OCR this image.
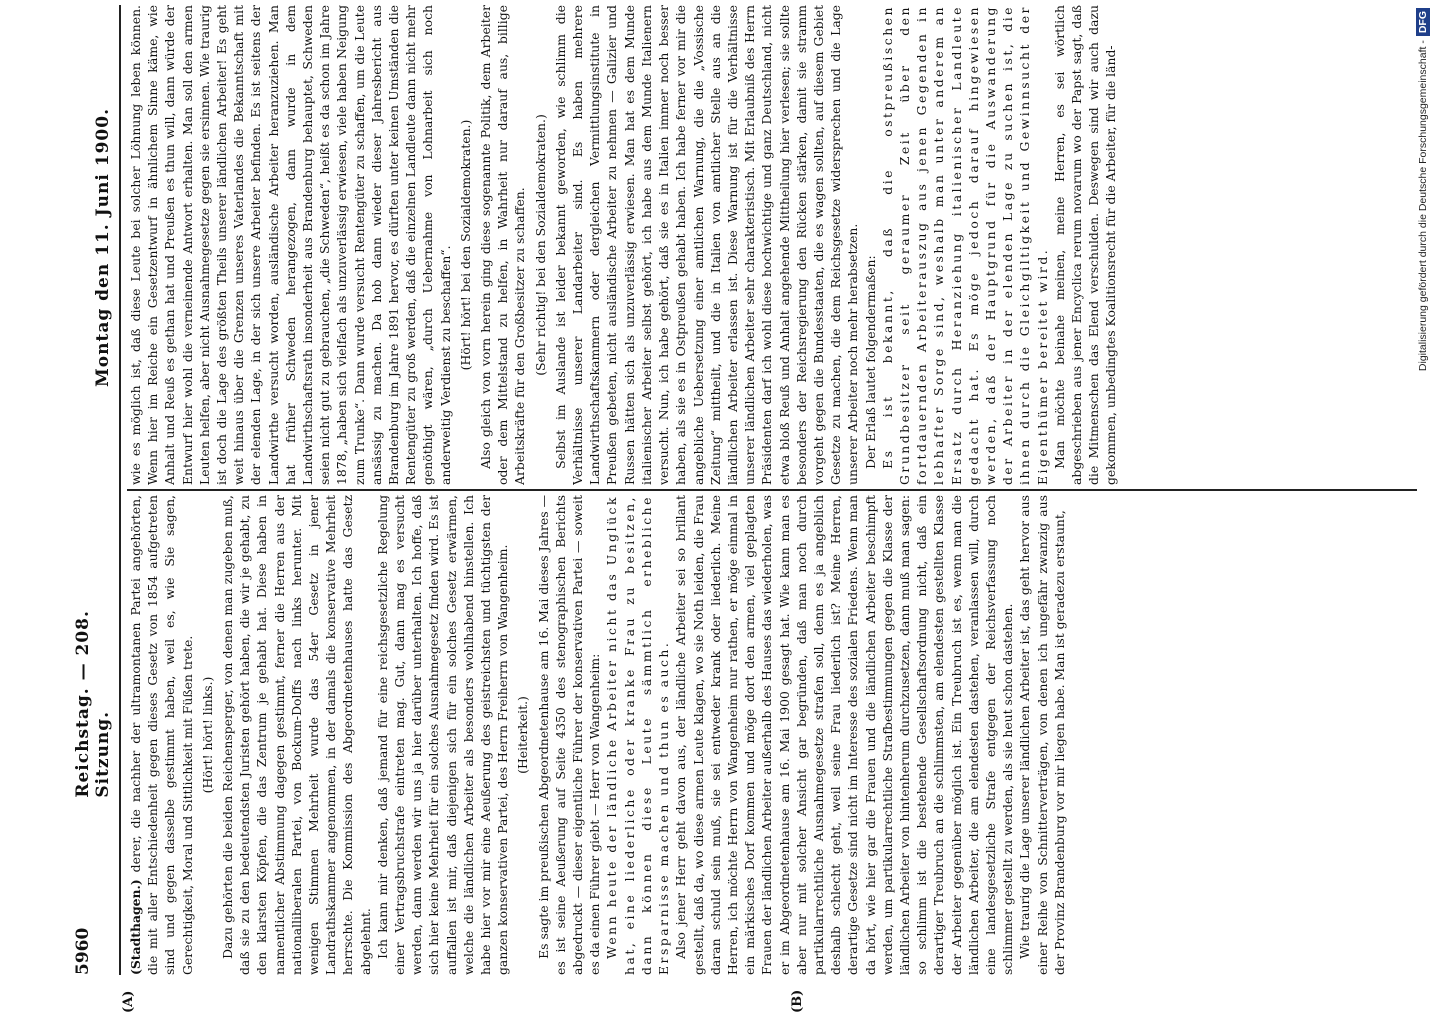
5960
Reichstag. — 208. Sitzung.
Montag den 11. Juni 1900.

(Stadthagen.) derer, die nachher der ultramontanen Partei angehörten, die mit aller Entschiedenheit gegen dieses Gesetz von 1854 aufgetreten sind und gegen dasselbe gestimmt haben, weil es, wie Sie sagen, Gerechtigkeit, Moral und Sittlichkeit mit Füßen trete. (Hört! hört! links.) Dazu gehörten die beiden Reichensperger, von denen man zugeben muß, daß sie zu den bedeutendsten Juristen gehört haben, die wir je gehabt, zu den klarsten Köpfen, die das Zentrum je gehabt hat. Diese haben in namentlicher Abstimmung dagegen gestimmt, ferner die Herren aus der nationalliberalen Partei, von Bockum-Dolffs nach links herunter. Mit wenigen Stimmen Mehrheit wurde das 54er Gesetz in jener Landrathskammer angenommen, in der damals die konservative Mehrheit herrschte. Die Kommission des Abgeordnetenhauses hatte das Gesetz abgelehnt. Ich kann mir denken, daß jemand für eine reichsgesetzliche Regelung einer Vertragsbruchstrafe eintreten mag. Gut, dann mag es versucht werden, dann werden wir uns ja hier darüber unterhalten. Ich hoffe, daß sich hier keine Mehrheit für ein solches Ausnahmegesetz finden wird. Es ist auffallen ist mir, daß diejenigen sich für ein solches Gesetz erwärmen, welche die ländlichen Arbeiter als besonders wohlhabend hinstellen. Ich habe hier vor mir eine Aeußerung des geistreichsten und tüchtigsten der ganzen konservativen Partei, des Herrn Freiherrn von Wangenheim. (Heiterkeit.) Es sagte im preußischen Abgeordnetenhause am 16. Mai dieses Jahres — es ist seine Aeußerung auf Seite 4350 des stenographischen Berichts abgedruckt — dieser eigentliche Führer der konservativen Partei — soweit es da einen Führer giebt — Herr von Wangenheim: Wenn heute der ländliche Arbeiter nicht das Unglück hat, eine liederliche oder kranke Frau zu besitzen, dann können diese Leute sämmtlich erhebliche Ersparnisse machen und thun es auch. Also jener Herr geht davon aus, der ländliche Arbeiter sei so brillant gestellt, daß da, wo diese armen Leute klagen, wo sie Noth leiden, die Frau daran schuld sein muß, sie sei entweder krank oder liederlich. Meine Herren, ich möchte Herrn von Wangenheim nur rathen, er möge einmal in ein märkisches Dorf kommen und möge dort den armen, viel geplagten Frauen der ländlichen Arbeiter außerhalb des Hauses das wiederholen, was er im Abgeordnetenhause am 16. Mai 1900 gesagt hat. Wie kann man es aber nur mit solcher Ansicht gar begründen, daß man noch durch partikularrechtliche Ausnahmegesetze strafen soll, denn es ja angeblich deshalb schlecht geht, weil seine Frau liederlich ist? Meine Herren, derartige Gesetze sind nicht im Interesse des sozialen Friedens. Wenn man da hört, wie hier gar die Frauen und die ländlichen Arbeiter beschimpft werden, um partikularrechtliche Strafbestimmungen gegen die Klasse der ländlichen Arbeiter von hintenherum durchzusetzen, dann muß man sagen: so schlimm ist die bestehende Gesellschaftsordnung nicht, daß ein derartiger Treubruch an die schlimmsten, am elendesten gestellten Klasse der Arbeiter gegenüber möglich ist. Ein Treubruch ist es, wenn man die ländlichen Arbeiter, die am elendesten dastehen, veranlassen will, durch eine landesgesetzliche Strafe entgegen der Reichsverfassung noch schlimmer gestellt zu werden, als sie heut schon dastehen. Wie traurig die Lage unserer ländlichen Arbeiter ist, das geht hervor aus einer Reihe von Schnitterverträgen, von denen ich ungefähr zwanzig aus der Provinz Brandenburg vor mir liegen habe. Man ist geradezu erstaunt,

wie es möglich ist, daß diese Leute bei solcher Löhnung leben können. Wenn hier im Reiche ein Gesetzentwurf in ähnlichem Sinne käme, wie Anhalt und Reuß es gethan hat und Preußen es thun will, dann würde der Entwurf hier wohl die verneinende Antwort erhalten. Man soll den armen Leuten helfen, aber nicht Ausnahmegesetze gegen sie ersinnen. Wie traurig ist doch die Lage des größten Theils unserer ländlichen Arbeiter! Es geht weit hinaus über die Grenzen unseres Vaterlandes die Bekanntschaft mit der elenden Lage, in der sich unsere Arbeiter befinden. Es ist seitens der Landwirthe versucht worden, ausländische Arbeiter heranzuziehen. Man hat früher Schweden herangezogen, dann wurde in dem Landwirthschaftsrath insonderheit aus Brandenburg behauptet, Schweden seien nicht gut zu gebrauchen, „die Schweden“, heißt es da schon im Jahre 1878, „haben sich vielfach als unzuverlässig erwiesen, viele haben Neigung zum Trunke“. Dann wurde versucht Rentengüter zu schaffen, um die Leute ansässig zu machen. Da hob dann wieder dieser Jahresbericht aus Brandenburg im Jahre 1891 hervor, es dürften unter keinen Umständen die Rentengüter zu groß werden, daß die einzelnen Landleute dann nicht mehr genöthigt wären, „durch Uebernahme von Lohnarbeit sich noch anderweitig Verdienst zu beschaffen“. (Hört! hört! bei den Sozialdemokraten.) Also gleich von vorn herein ging diese sogenannte Politik, dem Arbeiter oder dem Mittelstand zu helfen, in Wahrheit nur darauf aus, billige Arbeitskräfte für den Großbesitzer zu schaffen. (Sehr richtig! bei den Sozialdemokraten.) Selbst im Auslande ist leider bekannt geworden, wie schlimm die Verhältnisse unserer Landarbeiter sind. Es haben mehrere Landwirthschaftskammern oder dergleichen Vermittlungsinstitute in Preußen gebeten, nicht ausländische Arbeiter zu nehmen — Galizier und Russen hätten sich als unzuverlässig erwiesen. Man hat es dem Munde italienischer Arbeiter selbst gehört, ich habe aus dem Munde Italienern versucht. Nun, ich habe gehört, daß sie es in Italien immer noch besser haben, als sie es in Ostpreußen gehabt haben. Ich habe ferner vor mir die angebliche Uebersetzung einer amtlichen Warnung, die die „Vossische Zeitung“ mittheilt, und die in Italien von amtlicher Stelle aus an die ländlichen Arbeiter erlassen ist. Diese Warnung ist für die Verhältnisse unserer ländlichen Arbeiter sehr charakteristisch. Mit Erlaubniß des Herrn Präsidenten darf ich wohl diese hochwichtige und ganz Deutschland, nicht etwa bloß Reuß und Anhalt angehende Mittheilung hier verlesen; sie sollte besonders der Reichsregierung den Rücken stärken, damit sie stramm vorgeht gegen die Bundesstaaten, die es wagen sollten, auf diesem Gebiet Gesetze zu machen, die dem Reichsgesetze widersprechen und die Lage unserer Arbeiter noch mehr herabsetzen. Der Erlaß lautet folgendermaßen: Es ist bekannt, daß die ostpreußischen Grundbesitzer seit geraumer Zeit über den fortdauernden Arbeiterauszug aus jenen Gegenden in lebhafter Sorge sind, weshalb man unter anderem an Ersatz durch Heranziehung italienischer Landleute gedacht hat. Es möge jedoch darauf hingewiesen werden, daß der Hauptgrund für die Auswanderung der Arbeiter in der elenden Lage zu suchen ist, die ihnen durch die Gleichgiltigkeit und Gewinnsucht der Eigenthümer bereitet wird. Man möchte beinahe meinen, meine Herren, es sei wörtlich abgeschrieben aus jener Encyclica rerum novarum wo der Papst sagt, daß die Mitmenschen das Elend verschulden. Deswegen sind wir auch dazu gekommen, unbedingtes Koalitionsrecht für die Arbeiter, für die länd-

(A)	(B)
Digitalisierung gefördert durch die Deutsche Forschungsgemeinschaft -DFG
